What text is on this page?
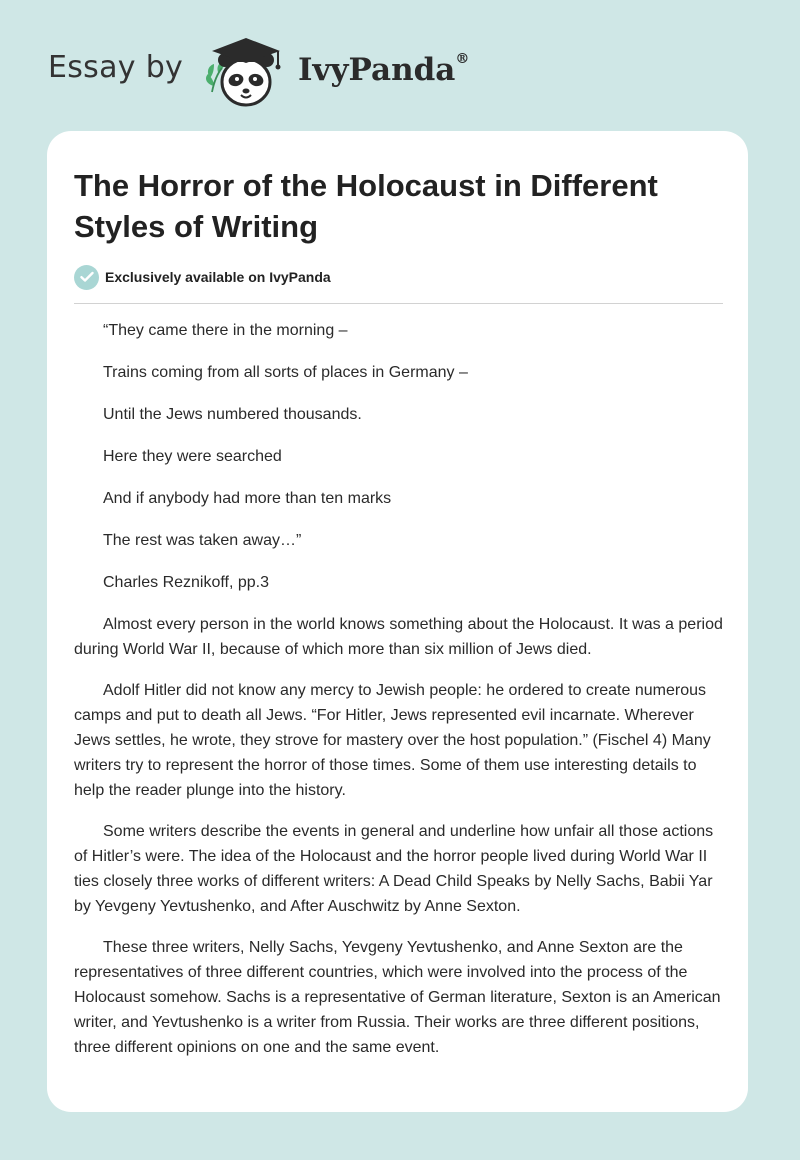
Essay by	IvyPanda®
The Horror of the Holocaust in Different Styles of Writing
Exclusively available on IvyPanda

“They came there in the morning –

Trains coming from all sorts of places in Germany –

Until the Jews numbered thousands.

Here they were searched

And if anybody had more than ten marks

The rest was taken away…”

Charles Reznikoff, pp.3

Almost every person in the world knows something about the Holocaust. It was a period during World War II, because of which more than six million of Jews died.

Adolf Hitler did not know any mercy to Jewish people: he ordered to create numerous camps and put to death all Jews. “For Hitler, Jews represented evil incarnate. Wherever Jews settles, he wrote, they strove for mastery over the host population.” (Fischel 4) Many writers try to represent the horror of those times. Some of them use interesting details to help the reader plunge into the history.

Some writers describe the events in general and underline how unfair all those actions of Hitler’s were. The idea of the Holocaust and the horror people lived during World War II ties closely three works of different writers: A Dead Child Speaks by Nelly Sachs, Babii Yar by Yevgeny Yevtushenko, and After Auschwitz by Anne Sexton.

These three writers, Nelly Sachs, Yevgeny Yevtushenko, and Anne Sexton are the representatives of three different countries, which were involved into the process of the Holocaust somehow. Sachs is a representative of German literature, Sexton is an American writer, and Yevtushenko is a writer from Russia. Their works are three different positions, three different opinions on one and the same event.
